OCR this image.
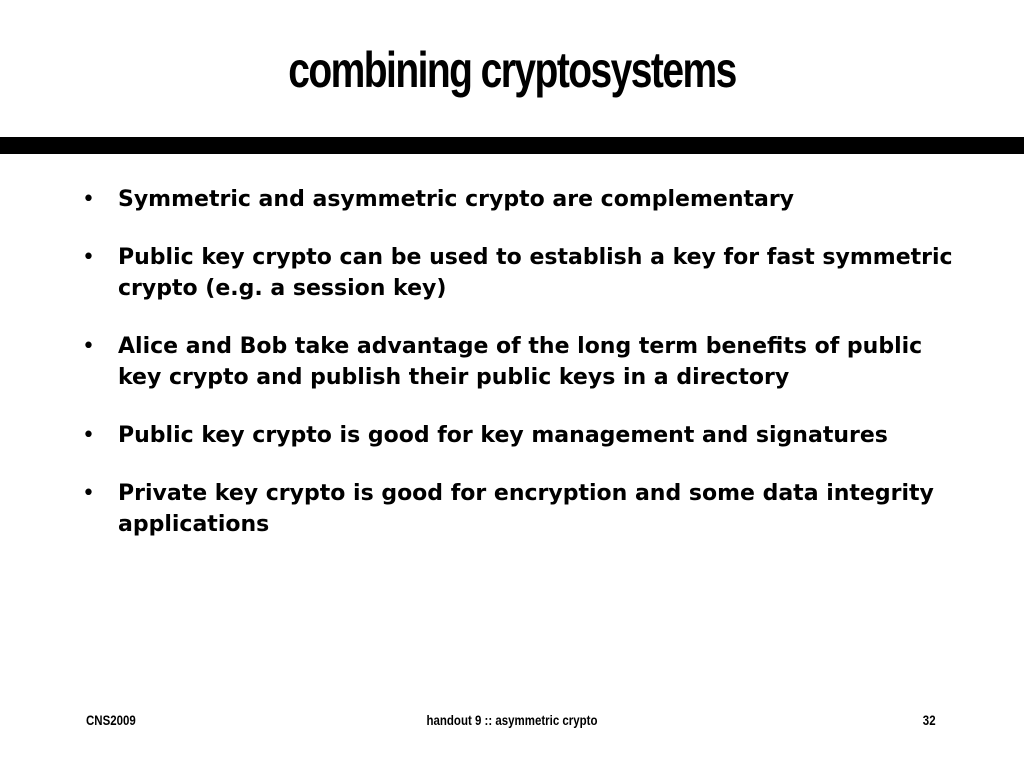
combining cryptosystems
• Symmetric and asymmetric crypto are complementary
• Public key crypto can be used to establish a key for fast symmetric crypto (e.g. a session key)
• Alice and Bob take advantage of the long term benefits of public key crypto and publish their public keys in a directory
• Public key crypto is good for key management and signatures
• Private key crypto is good for encryption and some data integrity applications
CNS2009	handout 9 :: asymmetric crypto	32
